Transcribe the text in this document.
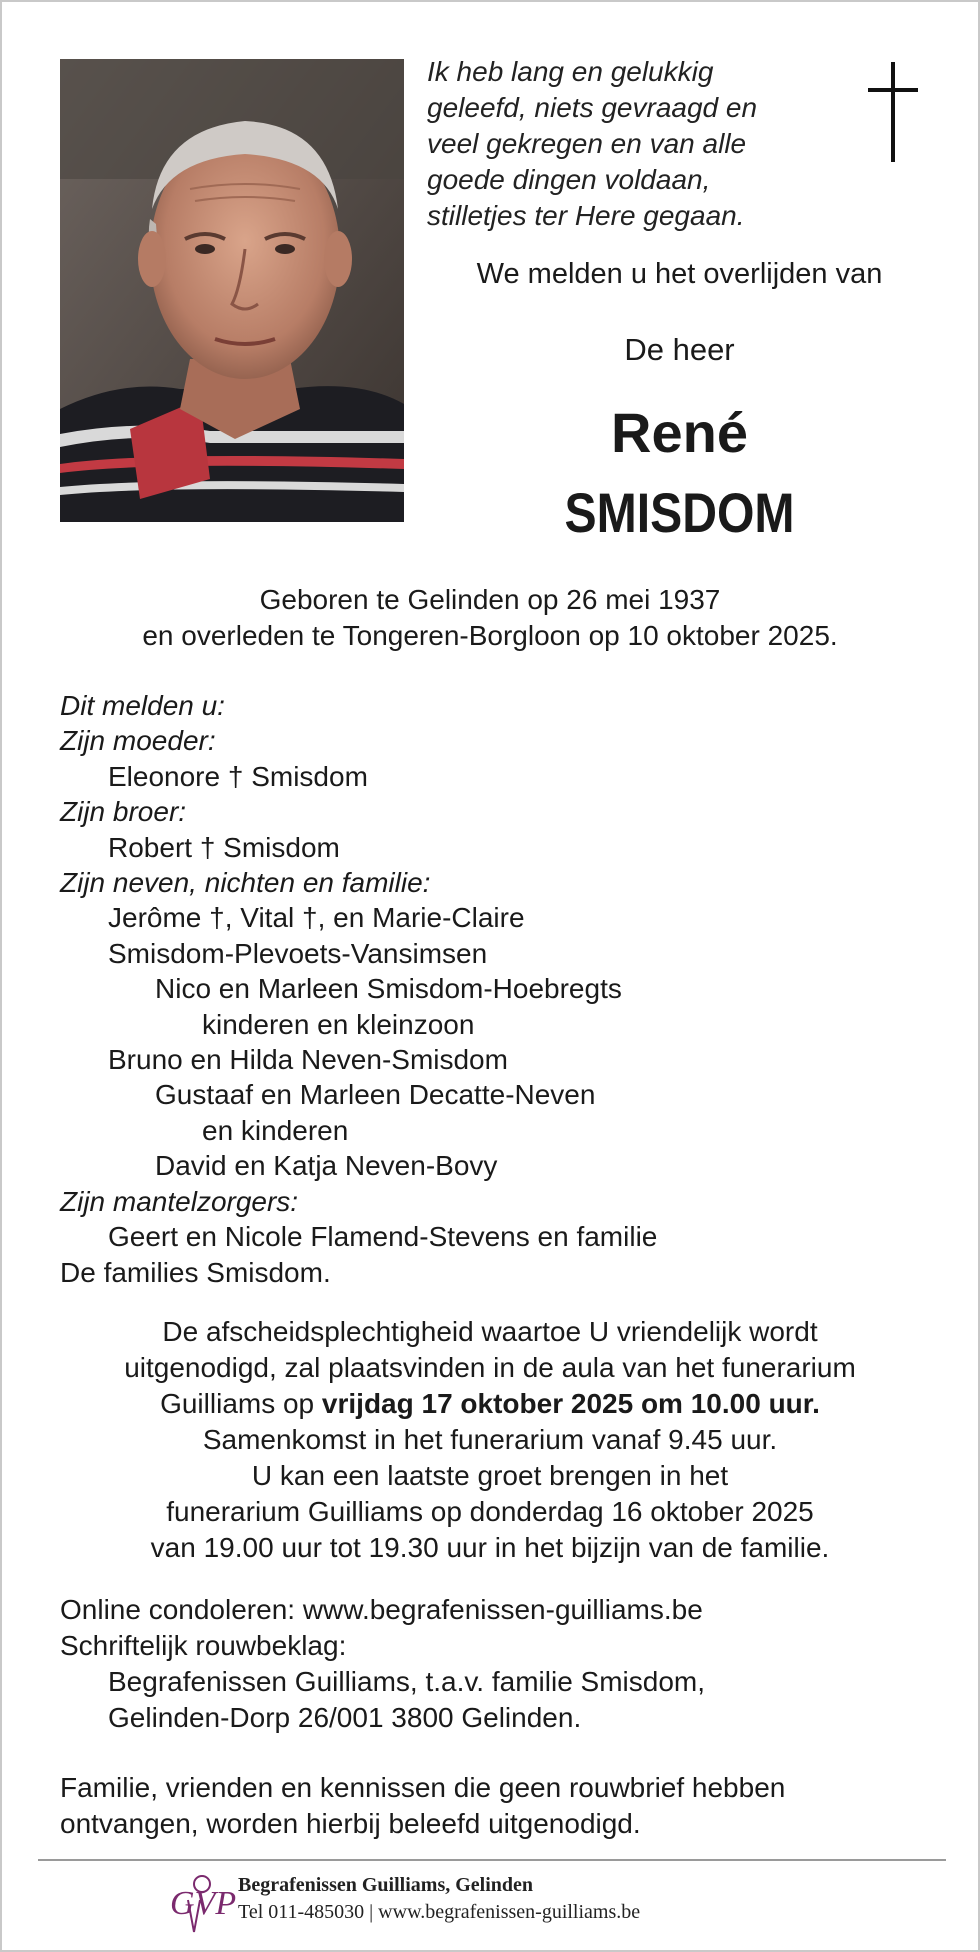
Ik heb lang en gelukkig
geleefd, niets gevraagd en
veel gekregen en van alle
goede dingen voldaan,
stilletjes ter Here gegaan.
We melden u het overlijden van
De heer
René
SMISDOM
Geboren te Gelinden op 26 mei 1937
en overleden te Tongeren-Borgloon op 10 oktober 2025.
Dit melden u:
Zijn moeder:
Eleonore † Smisdom
Zijn broer:
Robert † Smisdom
Zijn neven, nichten en familie:
Jerôme †, Vital †, en Marie-Claire
Smisdom-Plevoets-Vansimsen
Nico en Marleen Smisdom-Hoebregts
kinderen en kleinzoon
Bruno en Hilda Neven-Smisdom
Gustaaf en Marleen Decatte-Neven
en kinderen
David en Katja Neven-Bovy
Zijn mantelzorgers:
Geert en Nicole Flamend-Stevens en familie
De families Smisdom.
De afscheidsplechtigheid waartoe U vriendelijk wordt
uitgenodigd, zal plaatsvinden in de aula van het funerarium
Guilliams op vrijdag 17 oktober 2025 om 10.00 uur.
Samenkomst in het funerarium vanaf 9.45 uur.
U kan een laatste groet brengen in het
funerarium Guilliams op donderdag 16 oktober 2025
van 19.00 uur tot 19.30 uur in het bijzijn van de familie.
Online condoleren: www.begrafenissen-guilliams.be
Schriftelijk rouwbeklag:
Begrafenissen Guilliams, t.a.v. familie Smisdom,
Gelinden-Dorp 26/001 3800 Gelinden.
Familie, vrienden en kennissen die geen rouwbrief hebben
ontvangen, worden hierbij beleefd uitgenodigd.
GVP Begrafenissen Guilliams, Gelinden
Tel 011-485030 | www.begrafenissen-guilliams.be
